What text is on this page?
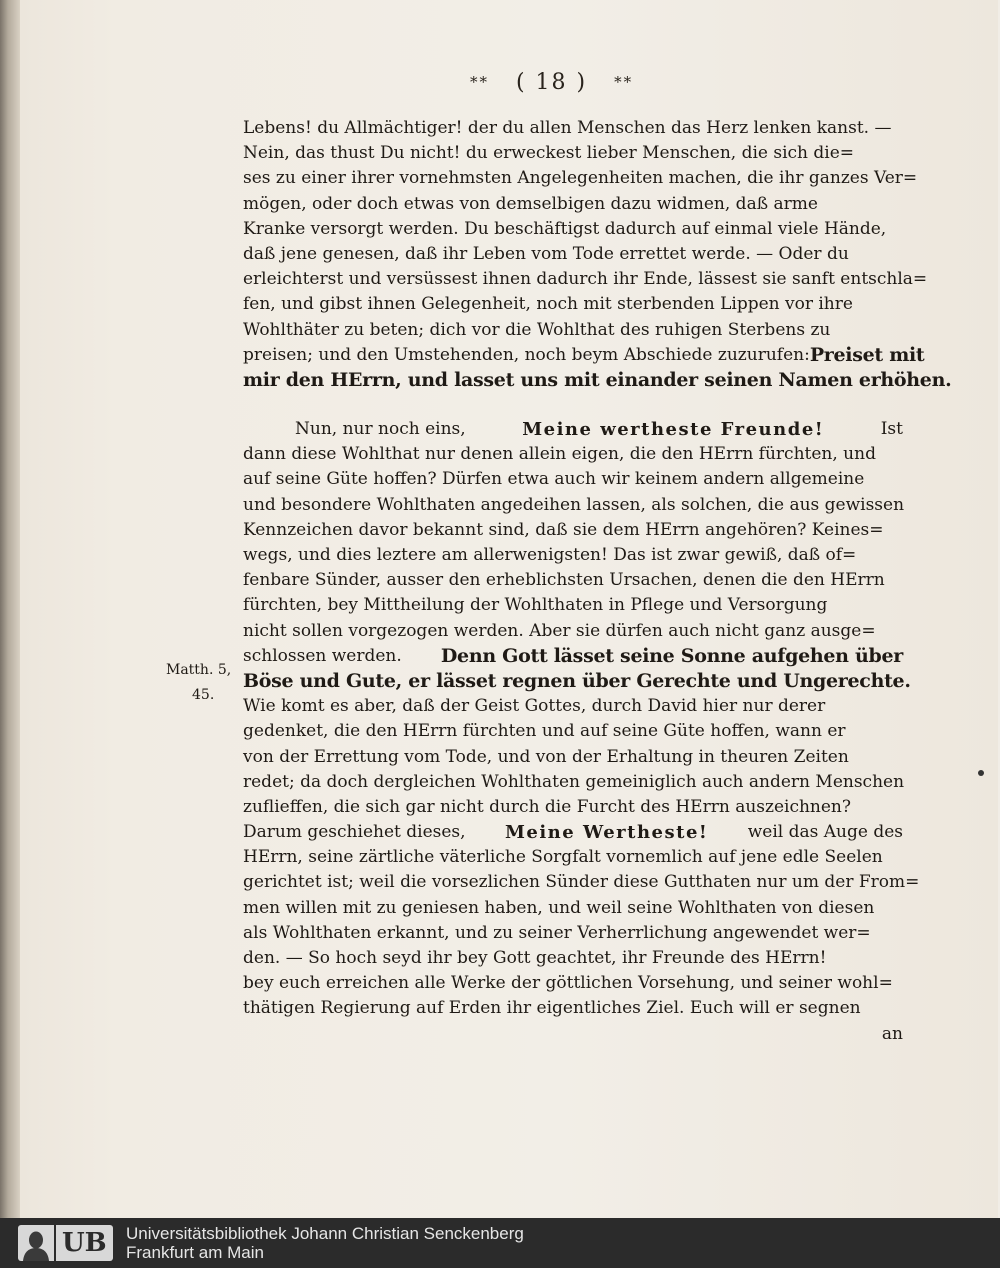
** ( 18 ) **
Lebens! du Allmächtiger! der du allen Menschen das Herz lenken kanst. —
Nein, das thust Du nicht! du erweckest lieber Menschen, die sich die=
ses zu einer ihrer vornehmsten Angelegenheiten machen, die ihr ganzes Ver=
mögen, oder doch etwas von demselbigen dazu widmen, daß arme
Kranke versorgt werden. Du beschäftigst dadurch auf einmal viele Hände,
daß jene genesen, daß ihr Leben vom Tode errettet werde. — Oder du
erleichterst und versüssest ihnen dadurch ihr Ende, lässest sie sanft entschla=
fen, und gibst ihnen Gelegenheit, noch mit sterbenden Lippen vor ihre
Wohlthäter zu beten; dich vor die Wohlthat des ruhigen Sterbens zu
preisen; und den Umstehenden, noch beym Abschiede zuzurufen: Preiset mit
mir den HErrn, und lasset uns mit einander seinen Namen erhöhen.
Nun, nur noch eins,	Meine wertheste Freunde!	Ist
dann diese Wohlthat nur denen allein eigen, die den HErrn fürchten, und
auf seine Güte hoffen? Dürfen etwa auch wir keinem andern allgemeine
und besondere Wohlthaten angedeihen lassen, als solchen, die aus gewissen
Kennzeichen davor bekannt sind, daß sie dem HErrn angehören? Keines=
wegs, und dies leztere am allerwenigsten! Das ist zwar gewiß, daß of=
fenbare Sünder, ausser den erheblichsten Ursachen, denen die den HErrn
fürchten, bey Mittheilung der Wohlthaten in Pflege und Versorgung
nicht sollen vorgezogen werden. Aber sie dürfen auch nicht ganz ausge=
schlossen werden. Denn Gott lässet seine Sonne aufgehen über
Böse und Gute, er lässet regnen über Gerechte und Ungerechte.
Wie komt es aber, daß der Geist Gottes, durch David hier nur derer
gedenket, die den HErrn fürchten und auf seine Güte hoffen, wann er
von der Errettung vom Tode, und von der Erhaltung in theuren Zeiten
redet; da doch dergleichen Wohlthaten gemeiniglich auch andern Menschen
zuflieffen, die sich gar nicht durch die Furcht des HErrn auszeichnen?
Darum geschiehet dieses, Meine Wertheste! weil das Auge des
HErrn, seine zärtliche väterliche Sorgfalt vornemlich auf jene edle Seelen
gerichtet ist; weil die vorsezlichen Sünder diese Gutthaten nur um der From=
men willen mit zu geniesen haben, und weil seine Wohlthaten von diesen
als Wohlthaten erkannt, und zu seiner Verherrlichung angewendet wer=
den. — So hoch seyd ihr bey Gott geachtet, ihr Freunde des HErrn!
bey euch erreichen alle Werke der göttlichen Vorsehung, und seiner wohl=
thätigen Regierung auf Erden ihr eigentliches Ziel. Euch will er segnen
an
Matth. 5,
45.
UB	Universitätsbibliothek Johann Christian Senckenberg
Frankfurt am Main
